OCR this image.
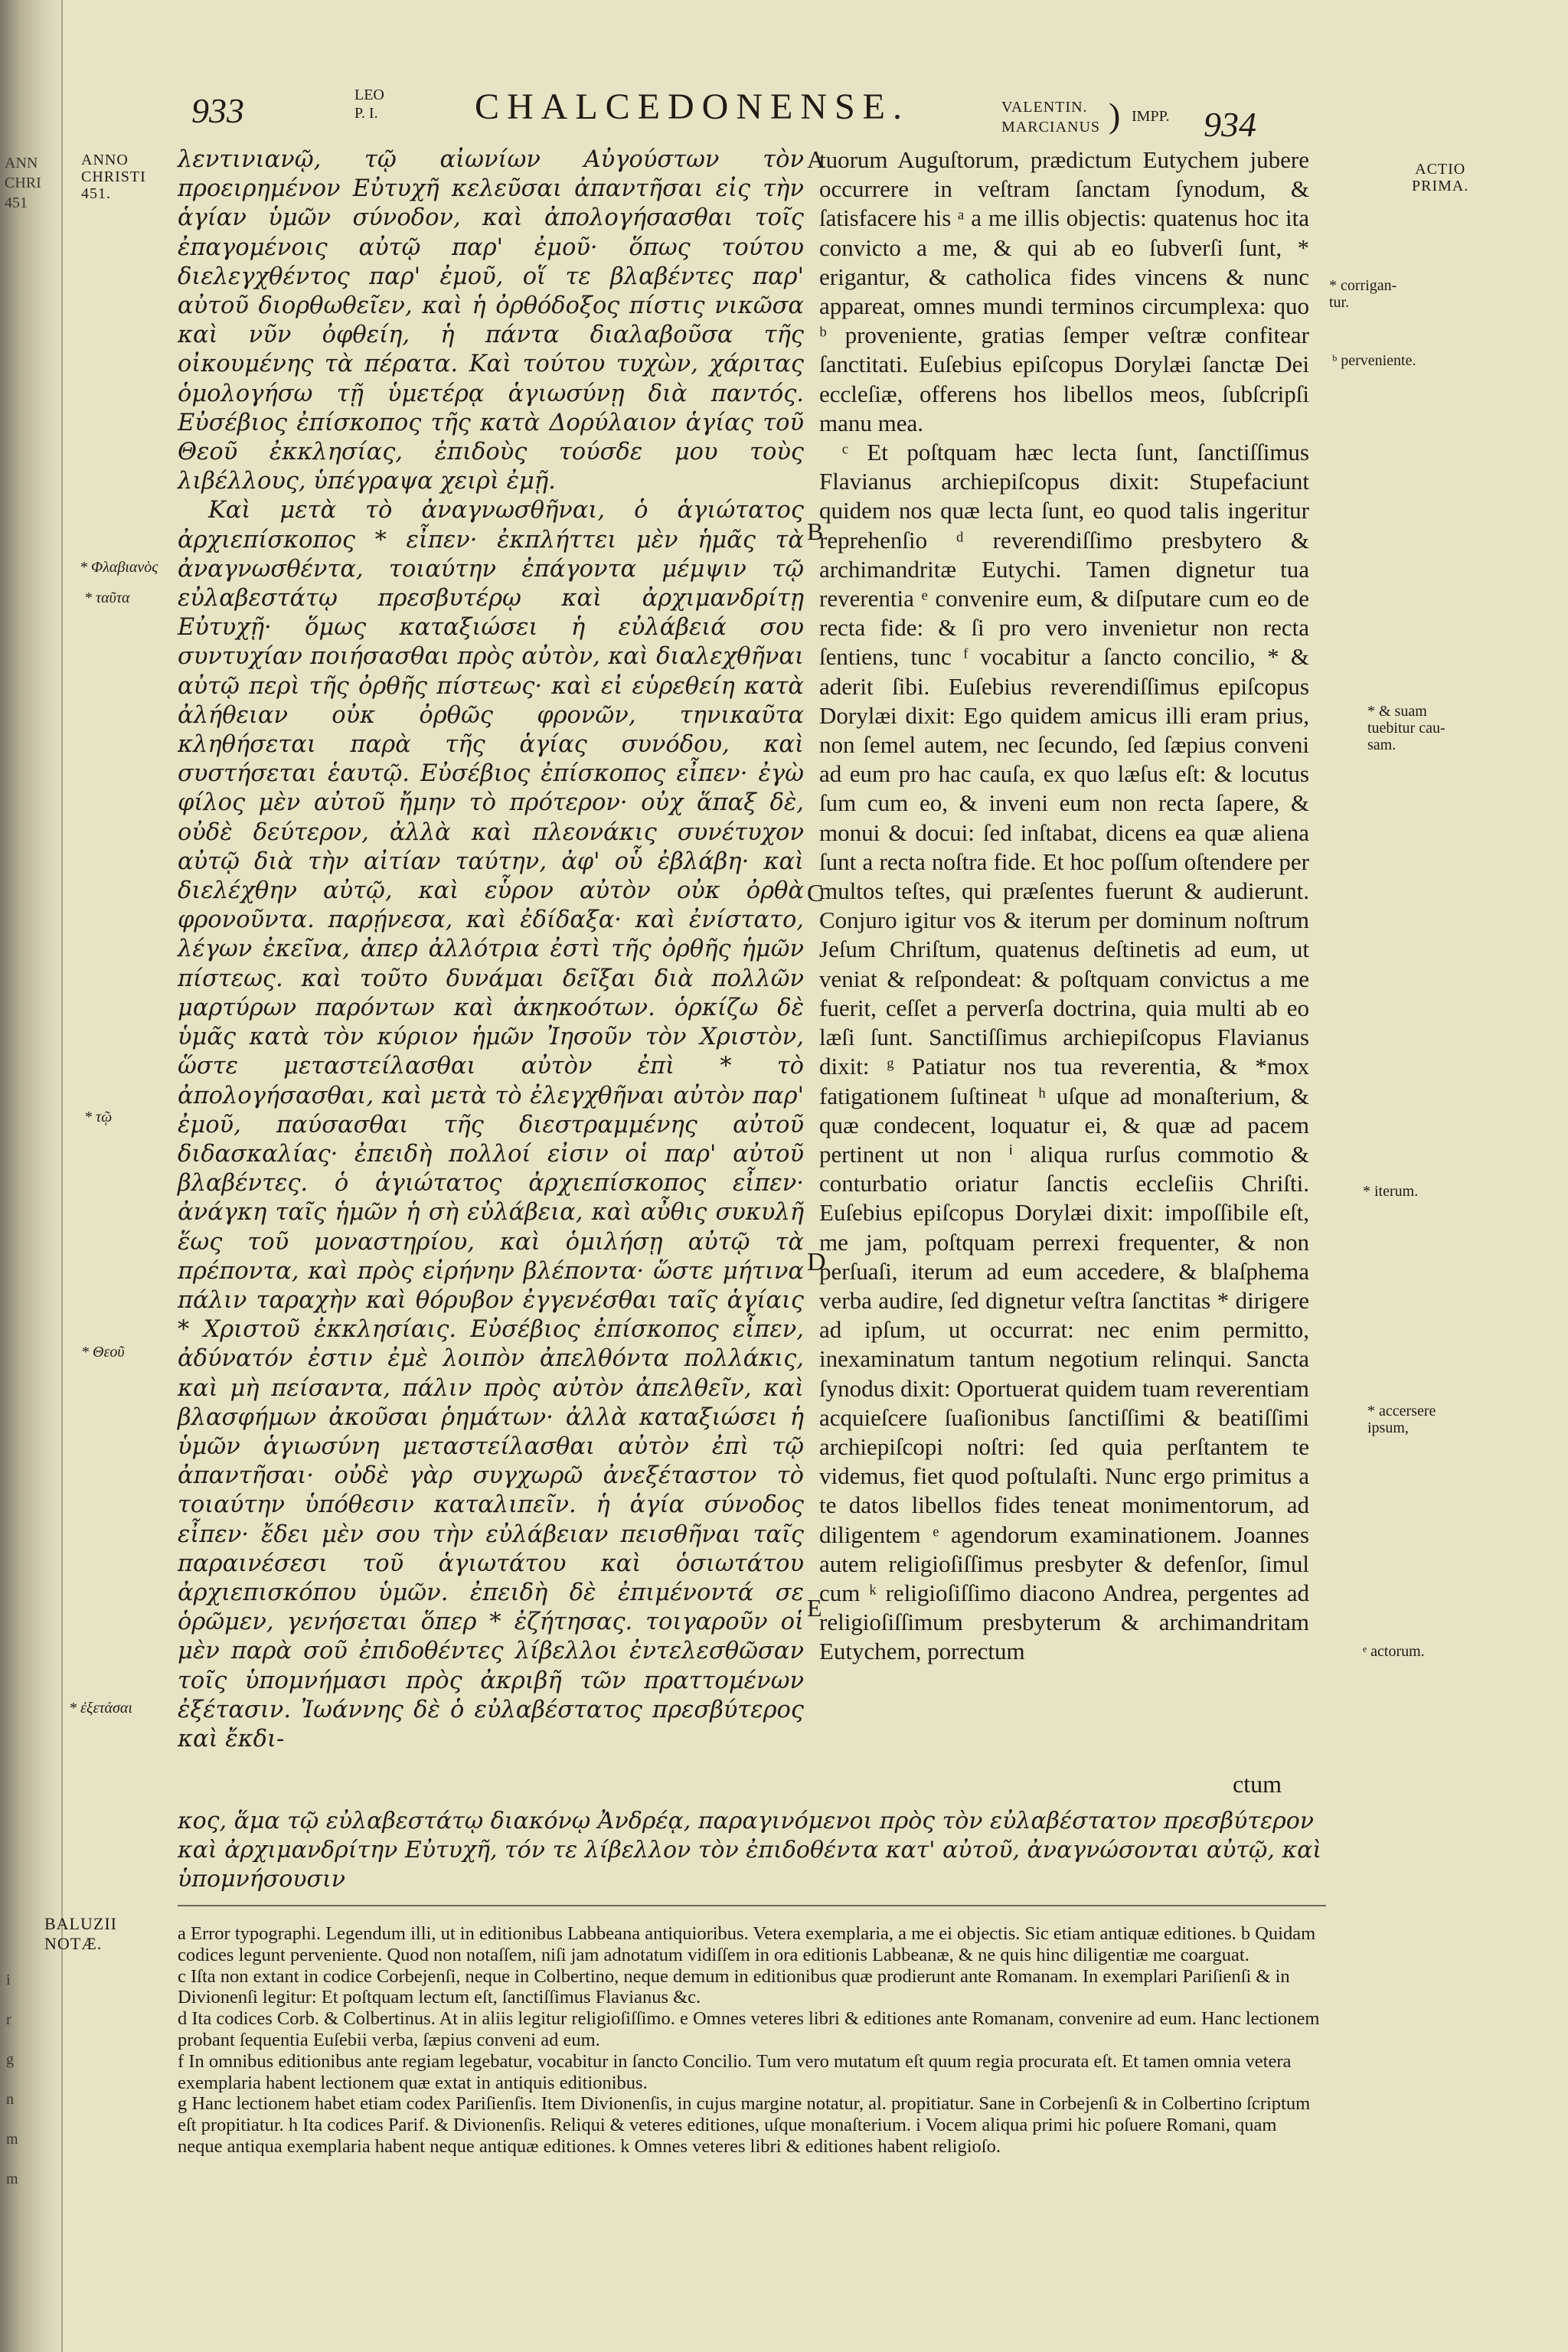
ANN
CHRI
451
i
r
g
n
m
m
933	LEO
P. I.	CHALCEDONENSE.	VALENTIN.
MARCIANUS ) IMPP. 934
ANNO
CHRISTI
451.
* Φλαβιανὸς
* ταῦτα
* τῷ
* Θεοῦ
* ἐξετάσαι
ACTIO
PRIMA.
* corrigan-
tur.
ᵇ perveniente.
* & suam
tuebitur cau-
sam.
* iterum.
* accersere
ipsum,
ᵉ actorum.
A
B
C
D
E

λεντινιανῷ, τῷ αἰωνίων Αὐγούστων τὸν προειρημένον Εὐτυχῆ κελεῦσαι ἀπαντῆσαι εἰς τὴν ἁγίαν ὑμῶν σύνοδον, καὶ ἀπολογήσασθαι τοῖς ἐπαγομένοις αὐτῷ παρ' ἐμοῦ· ὅπως τούτου διελεγχθέντος παρ' ἐμοῦ, οἵ τε βλαβέντες παρ' αὐτοῦ διορθωθεῖεν, καὶ ἡ ὀρθόδοξος πίστις νικῶσα καὶ νῦν ὀφθείη, ἡ πάντα διαλαβοῦσα τῆς οἰκουμένης τὰ πέρατα. Καὶ τούτου τυχὼν, χάριτας ὁμολογήσω τῇ ὑμετέρᾳ ἁγιωσύνῃ διὰ παντός. Εὐσέβιος ἐπίσκοπος τῆς κατὰ Δορύλαιον ἁγίας τοῦ Θεοῦ ἐκκλησίας, ἐπιδοὺς τούσδε μου τοὺς λιβέλλους, ὑπέγραψα χειρὶ ἐμῇ.

Καὶ μετὰ τὸ ἀναγνωσθῆναι, ὁ ἁγιώτατος ἀρχιεπίσκοπος * εἶπεν· ἐκπλήττει μὲν ἡμᾶς τὰ ἀναγνωσθέντα, τοιαύτην ἐπάγοντα μέμψιν τῷ εὐλαβεστάτῳ πρεσβυτέρῳ καὶ ἀρχιμανδρίτῃ Εὐτυχῇ· ὅμως καταξιώσει ἡ εὐλάβειά σου συντυχίαν ποιήσασθαι πρὸς αὐτὸν, καὶ διαλεχθῆναι αὐτῷ περὶ τῆς ὀρθῆς πίστεως· καὶ εἰ εὑρεθείη κατὰ ἀλήθειαν οὐκ ὀρθῶς φρονῶν, τηνικαῦτα κληθήσεται παρὰ τῆς ἁγίας συνόδου, καὶ συστήσεται ἑαυτῷ. Εὐσέβιος ἐπίσκοπος εἶπεν· ἐγὼ φίλος μὲν αὐτοῦ ἤμην τὸ πρότερον· οὐχ ἅπαξ δὲ, οὐδὲ δεύτερον, ἀλλὰ καὶ πλεονάκις συνέτυχον αὐτῷ διὰ τὴν αἰτίαν ταύτην, ἀφ' οὗ ἐβλάβη· καὶ διελέχθην αὐτῷ, καὶ εὗρον αὐτὸν οὐκ ὀρθὰ φρονοῦντα. παρῄνεσα, καὶ ἐδίδαξα· καὶ ἐνίστατο, λέγων ἐκεῖνα, ἀπερ ἀλλότρια ἐστὶ τῆς ὀρθῆς ἡμῶν πίστεως. καὶ τοῦτο δυνάμαι δεῖξαι διὰ πολλῶν μαρτύρων παρόντων καὶ ἀκηκοότων. ὁρκίζω δὲ ὑμᾶς κατὰ τὸν κύριον ἡμῶν Ἰησοῦν τὸν Χριστὸν, ὥστε μεταστείλασθαι αὐτὸν ἐπὶ * τὸ ἀπολογήσασθαι, καὶ μετὰ τὸ ἐλεγχθῆναι αὐτὸν παρ' ἐμοῦ, παύσασθαι τῆς διεστραμμένης αὐτοῦ διδασκαλίας· ἐπειδὴ πολλοί εἰσιν οἱ παρ' αὐτοῦ βλαβέντες. ὁ ἁγιώτατος ἀρχιεπίσκοπος εἶπεν· ἀνάγκη ταῖς ἡμῶν ἡ σὴ εὐλάβεια, καὶ αὖθις συκυλῆ ἕως τοῦ μοναστηρίου, καὶ ὁμιλήσῃ αὐτῷ τὰ πρέποντα, καὶ πρὸς εἰρήνην βλέποντα· ὥστε μήτινα πάλιν ταραχὴν καὶ θόρυβον ἐγγενέσθαι ταῖς ἁγίαις * Χριστοῦ ἐκκλησίαις. Εὐσέβιος ἐπίσκοπος εἶπεν, ἀδύνατόν ἐστιν ἐμὲ λοιπὸν ἀπελθόντα πολλάκις, καὶ μὴ πείσαντα, πάλιν πρὸς αὐτὸν ἀπελθεῖν, καὶ βλασφήμων ἀκοῦσαι ῥημάτων· ἀλλὰ καταξιώσει ἡ ὑμῶν ἁγιωσύνη μεταστείλασθαι αὐτὸν ἐπὶ τῷ ἀπαντῆσαι· οὐδὲ γὰρ συγχωρῶ ἀνεξέταστον τὸ τοιαύτην ὑπόθεσιν καταλιπεῖν. ἡ ἁγία σύνοδος εἶπεν· ἔδει μὲν σου τὴν εὐλάβειαν πεισθῆναι ταῖς παραινέσεσι τοῦ ἁγιωτάτου καὶ ὁσιωτάτου ἀρχιεπισκόπου ὑμῶν. ἐπειδὴ δὲ ἐπιμένοντά σε ὁρῶμεν, γενήσεται ὅπερ * ἐζήτησας. τοιγαροῦν οἱ μὲν παρὰ σοῦ ἐπιδοθέντες λίβελλοι ἐντελεσθῶσαν τοῖς ὑπομνήμασι πρὸς ἀκριβῆ τῶν πραττομένων ἐξέτασιν. Ἰωάννης δὲ ὁ εὐλαβέστατος πρεσβύτερος καὶ ἔκδι-

tuorum Auguſtorum, prædictum Eutychem jubere occurrere in veſtram ſanctam ſynodum, & ſatisfacere his ᵃ a me illis objectis: quatenus hoc ita convicto a me, & qui ab eo ſubverſi ſunt, * erigantur, & catholica fides vincens & nunc appareat, omnes mundi terminos circumplexa: quo ᵇ proveniente, gratias ſemper veſtræ confitear ſanctitati. Euſebius epiſcopus Dorylæi ſanctæ Dei eccleſiæ, offerens hos libellos meos, ſubſcripſi manu mea.

ᶜ Et poſtquam hæc lecta ſunt, ſanctiſſimus Flavianus archiepiſcopus dixit: Stupefaciunt quidem nos quæ lecta ſunt, eo quod talis ingeritur reprehenſio ᵈ reverendiſſimo presbytero & archimandritæ Eutychi. Tamen dignetur tua reverentia ᵉ convenire eum, & diſputare cum eo de recta fide: & ſi pro vero invenietur non recta ſentiens, tunc ᶠ vocabitur a ſancto concilio, * & aderit ſibi. Euſebius reverendiſſimus epiſcopus Dorylæi dixit: Ego quidem amicus illi eram prius, non ſemel autem, nec ſecundo, ſed ſæpius conveni ad eum pro hac cauſa, ex quo læſus eſt: & locutus ſum cum eo, & inveni eum non recta ſapere, & monui & docui: ſed inſtabat, dicens ea quæ aliena ſunt a recta noſtra fide. Et hoc poſſum oſtendere per multos teſtes, qui præſentes fuerunt & audierunt. Conjuro igitur vos & iterum per dominum noſtrum Jeſum Chriſtum, quatenus deſtinetis ad eum, ut veniat & reſpondeat: & poſtquam convictus a me fuerit, ceſſet a perverſa doctrina, quia multi ab eo læſi ſunt. Sanctiſſimus archiepiſcopus Flavianus dixit: ᵍ Patiatur nos tua reverentia, & *mox fatigationem ſuſtineat ʰ uſque ad monaſterium, & quæ condecent, loquatur ei, & quæ ad pacem pertinent ut non ⁱ aliqua rurſus commotio & conturbatio oriatur ſanctis eccleſiis Chriſti. Euſebius epiſcopus Dorylæi dixit: impoſſibile eſt, me jam, poſtquam perrexi frequenter, & non perſuaſi, iterum ad eum accedere, & blaſphema verba audire, ſed dignetur veſtra ſanctitas * dirigere ad ipſum, ut occurrat: nec enim permitto, inexaminatum tantum negotium relinqui. Sancta ſynodus dixit: Oportuerat quidem tuam reverentiam acquieſcere ſuaſionibus ſanctiſſimi & beatiſſimi archiepiſcopi noſtri: ſed quia perſtantem te videmus, fiet quod poſtulaſti. Nunc ergo primitus a te datos libellos fides teneat monimentorum, ad diligentem ᵉ agendorum examinationem. Joannes autem religioſiſſimus presbyter & defenſor, ſimul cum ᵏ religioſiſſimo diacono Andrea, pergentes ad religioſiſſimum presbyterum & archimandritam Eutychem, porrectum

ctum
κος, ἅμα τῷ εὐλαβεστάτῳ διακόνῳ Ἀνδρέᾳ, παραγινόμενοι πρὸς τὸν εὐλαβέστατον πρεσβύτερον καὶ ἀρχιμανδρίτην Εὐτυχῆ, τόν τε λίβελλον τὸν ἐπιδοθέντα κατ' αὐτοῦ, ἀναγνώσονται αὐτῷ, καὶ ὑπομνήσουσιν
BALUZII
NOTÆ.	a Error typographi. Legendum illi, ut in editionibus Labbeana antiquioribus. Vetera exemplaria, a me ei objectis. Sic etiam antiquæ editiones. b Quidam codices legunt perveniente. Quod non notaſſem, niſi jam adnotatum vidiſſem in ora editionis Labbeanæ, & ne quis hinc diligentiæ me coarguat.

c Iſta non extant in codice Corbejenſi, neque in Colbertino, neque demum in editionibus quæ prodierunt ante Romanam. In exemplari Pariſienſi & in Divionenſi legitur: Et poſtquam lectum eſt, ſanctiſſimus Flavianus &c.

d Ita codices Corb. & Colbertinus. At in aliis legitur religioſiſſimo. e Omnes veteres libri & editiones ante Romanam, convenire ad eum. Hanc lectionem probant ſequentia Euſebii verba, ſæpius conveni ad eum.

f In omnibus editionibus ante regiam legebatur, vocabitur in ſancto Concilio. Tum vero mutatum eſt quum regia procurata eſt. Et tamen omnia vetera exemplaria habent lectionem quæ extat in antiquis editionibus.

g Hanc lectionem habet etiam codex Pariſienſis. Item Divionenſis, in cujus margine notatur, al. propitiatur. Sane in Corbejenſi & in Colbertino ſcriptum eſt propitiatur. h Ita codices Parif. & Divionenſis. Reliqui & veteres editiones, uſque monaſterium. i Vocem aliqua primi hic poſuere Romani, quam neque antiqua exemplaria habent neque antiquæ editiones. k Omnes veteres libri & editiones habent religioſo.
